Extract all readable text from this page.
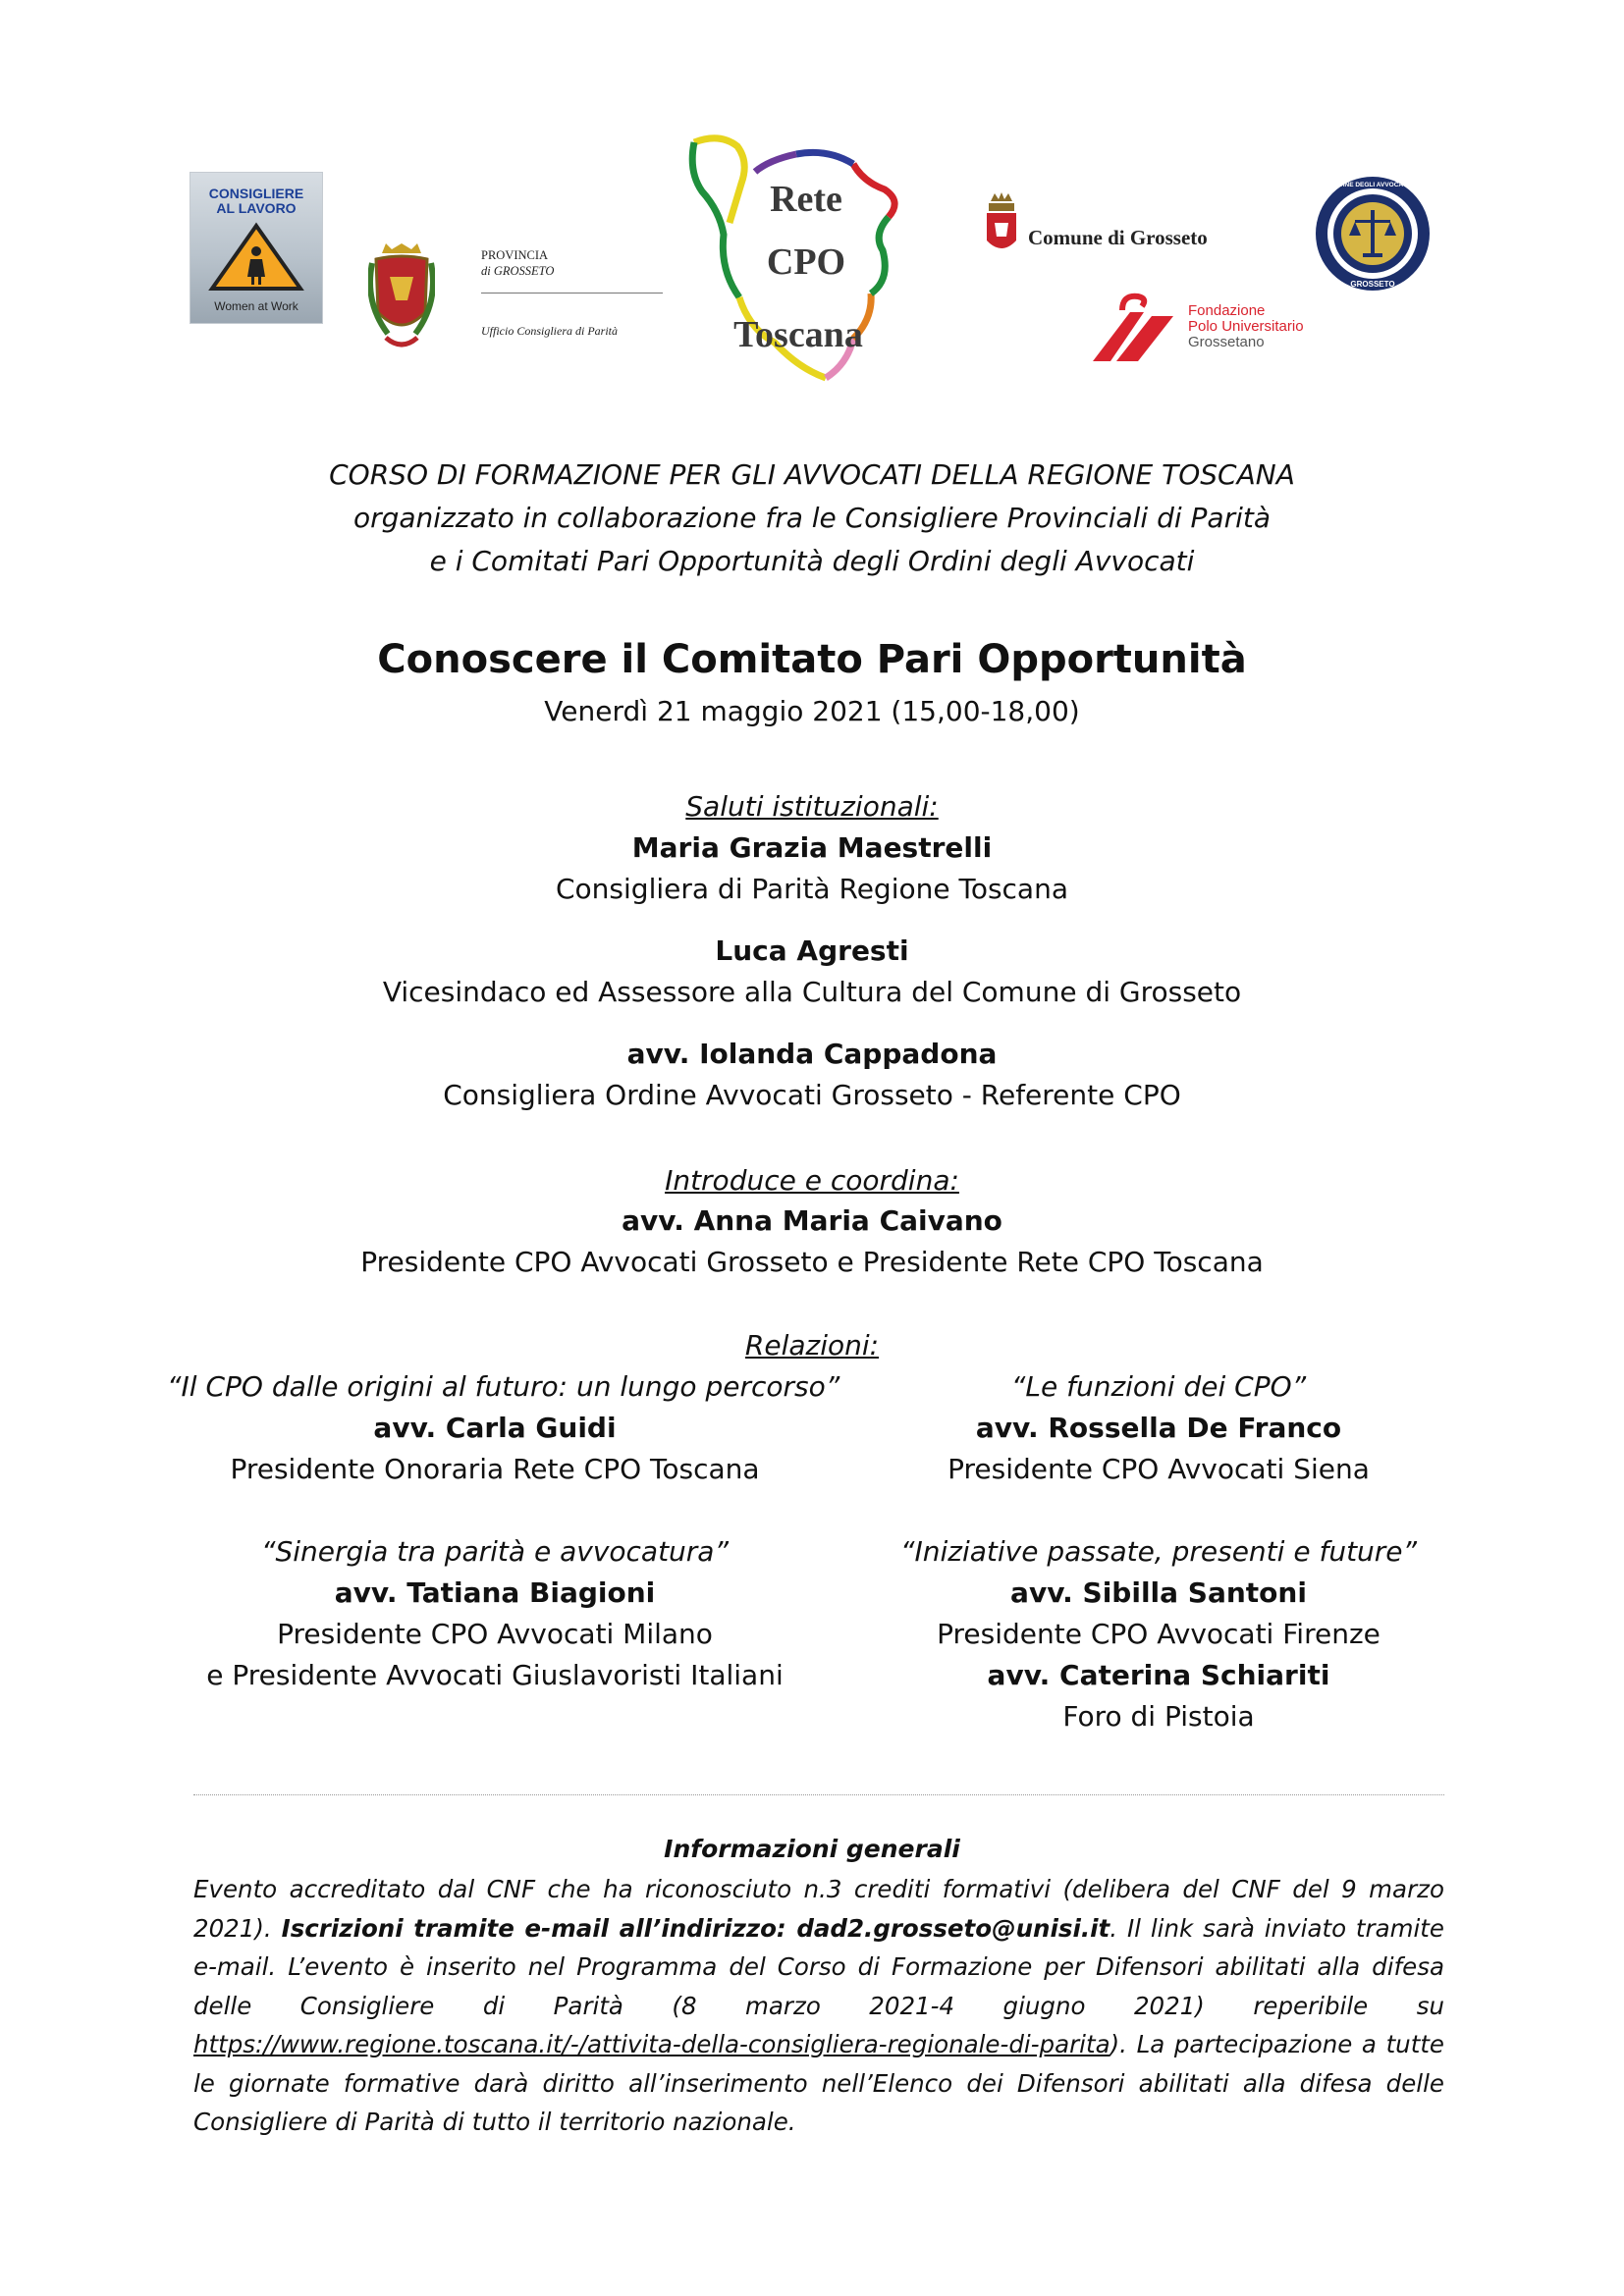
CONSIGLIERE
AL LAVORO
Women at Work
PROVINCIA
di GROSSETO
Ufficio Consigliera di Parità
Rete
CPO
Toscana
Comune di Grosseto
Fondazione
Polo Universitario
Grossetano
GROSSETO
ORDINE DEGLI AVVOCATI DI
CORSO DI FORMAZIONE PER GLI AVVOCATI DELLA REGIONE TOSCANA
organizzato in collaborazione fra le Consigliere Provinciali di Parità
e i Comitati Pari Opportunità degli Ordini degli Avvocati
Conoscere il Comitato Pari Opportunità
Venerdì 21 maggio 2021 (15,00-18,00)
Saluti istituzionali:
Maria Grazia Maestrelli
Consigliera di Parità Regione Toscana
Luca Agresti
Vicesindaco ed Assessore alla Cultura del Comune di Grosseto
avv. Iolanda Cappadona
Consigliera Ordine Avvocati Grosseto - Referente CPO
Introduce e coordina:
avv. Anna Maria Caivano
Presidente CPO Avvocati Grosseto e Presidente Rete CPO Toscana
Relazioni:
“Il CPO dalle origini al futuro: un lungo percorso”
avv. Carla Guidi
Presidente Onoraria Rete CPO Toscana
“Le funzioni dei CPO”
avv. Rossella De Franco
Presidente CPO Avvocati Siena
“Sinergia tra parità e avvocatura”
avv. Tatiana Biagioni
Presidente CPO Avvocati Milano
e Presidente Avvocati Giuslavoristi Italiani
“Iniziative passate, presenti e future”
avv. Sibilla Santoni
Presidente CPO Avvocati Firenze
avv. Caterina Schiariti
Foro di Pistoia
Informazioni generali
Evento accreditato dal CNF che ha riconosciuto n.3 crediti formativi (delibera del CNF del 9 marzo 2021). Iscrizioni tramite e-mail all’indirizzo: dad2.grosseto@unisi.it. Il link sarà inviato tramite e-mail. L’evento è inserito nel Programma del Corso di Formazione per Difensori abilitati alla difesa delle Consigliere di Parità (8 marzo 2021-4 giugno 2021) reperibile su https://www.regione.toscana.it/-/attivita-della-consigliera-regionale-di-parita). La partecipazione a tutte le giornate formative darà diritto all’inserimento nell’Elenco dei Difensori abilitati alla difesa delle Consigliere di Parità di tutto il territorio nazionale.
